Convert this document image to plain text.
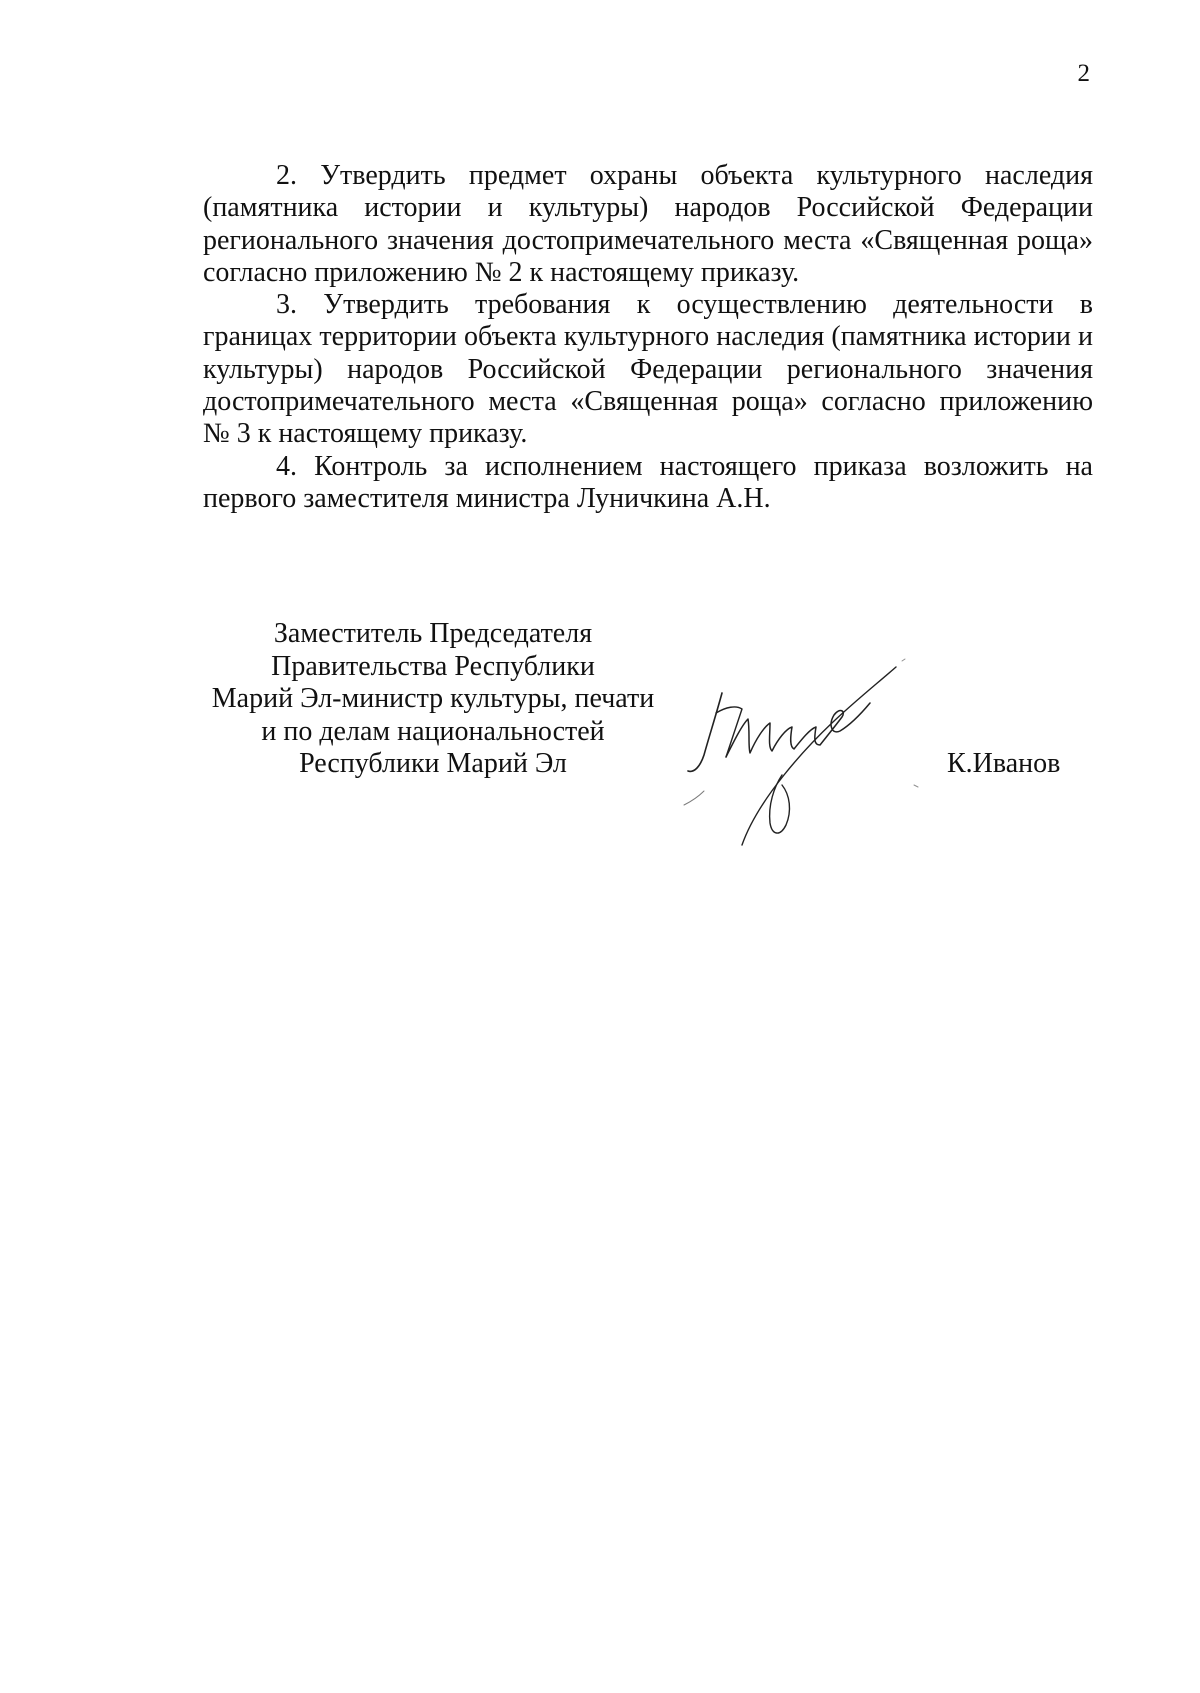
2

2. Утвердить предмет охраны объекта культурного наследия (памятника истории и культуры) народов Российской Федерации регионального значения достопримечательного места «Священная роща» согласно приложению № 2 к настоящему приказу.

3. Утвердить требования к осуществлению деятельности в границах территории объекта культурного наследия (памятника истории и культуры) народов Российской Федерации регионального значения достопримечательного места «Священная роща» согласно приложению № 3 к настоящему приказу.

4. Контроль за исполнением настоящего приказа возложить на первого заместителя министра Луничкина А.Н.

Заместитель Председателя
Правительства Республики
Марий Эл-министр культуры, печати
и по делам национальностей
Республики Марий Эл	К.Иванов
